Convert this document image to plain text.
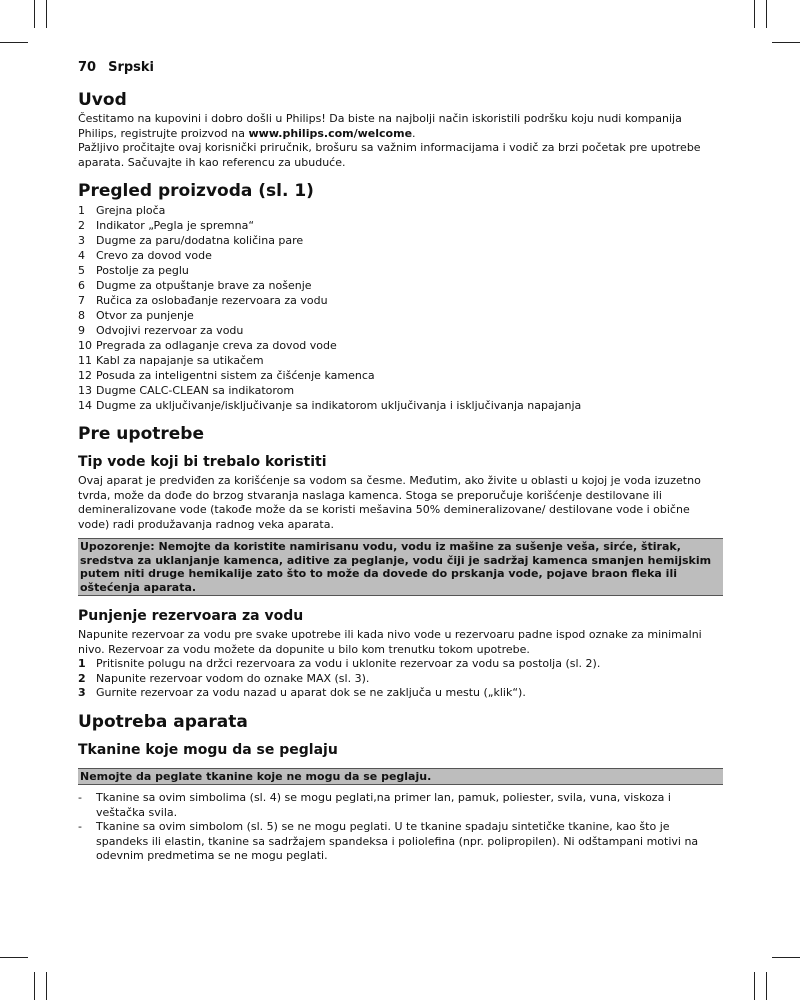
70 Srpski
Uvod

Čestitamo na kupovini i dobro došli u Philips! Da biste na najbolji način iskoristili podršku koju nudi kompanija Philips, registrujte proizvod na www.philips.com/welcome.

Pažljivo pročitajte ovaj korisnički priručnik, brošuru sa važnim informacijama i vodič za brzi početak pre upotrebe aparata. Sačuvajte ih kao referencu za ubuduće.

Pregled proizvoda (sl. 1)
1	Grejna ploča
2	Indikator „Pegla je spremna“
3	Dugme za paru/dodatna količina pare
4	Crevo za dovod vode
5	Postolje za peglu
6	Dugme za otpuštanje brave za nošenje
7	Ručica za oslobađanje rezervoara za vodu
8	Otvor za punjenje
9	Odvojivi rezervoar za vodu
10 Pregrada za odlaganje creva za dovod vode
11 Kabl za napajanje sa utikačem
12 Posuda za inteligentni sistem za čišćenje kamenca
13 Dugme CALC-CLEAN sa indikatorom
14 Dugme za uključivanje/isključivanje sa indikatorom uključivanja i isključivanja napajanja
Pre upotrebe
Tip vode koji bi trebalo koristiti

Ovaj aparat je predviđen za korišćenje sa vodom sa česme. Međutim, ako živite u oblasti u kojoj je voda izuzetno tvrda, može da dođe do brzog stvaranja naslaga kamenca. Stoga se preporučuje korišćenje destilovane ili demineralizovane vode (takođe može da se koristi mešavina 50% demineralizovane/ destilovane vode i obične vode) radi produžavanja radnog veka aparata.

Upozorenje: Nemojte da koristite namirisanu vodu, vodu iz mašine za sušenje veša, sirće, štirak, sredstva za uklanjanje kamenca, aditive za peglanje, vodu čiji je sadržaj kamenca smanjen hemijskim putem niti druge hemikalije zato što to može da dovede do prskanja vode, pojave braon fleka ili oštećenja aparata.
Punjenje rezervoara za vodu

Napunite rezervoar za vodu pre svake upotrebe ili kada nivo vode u rezervoaru padne ispod oznake za minimalni nivo. Rezervoar za vodu možete da dopunite u bilo kom trenutku tokom upotrebe.

1 Pritisnite polugu na držci rezervoara za vodu i uklonite rezervoar za vodu sa postolja (sl. 2).
2 Napunite rezervoar vodom do oznake MAX (sl. 3).
3 Gurnite rezervoar za vodu nazad u aparat dok se ne zaključa u mestu („klik“).
Upotreba aparata
Tkanine koje mogu da se peglaju
Nemojte da peglate tkanine koje ne mogu da se peglaju.
-	Tkanine sa ovim simbolima (sl. 4) se mogu peglati,na primer lan, pamuk, poliester, svila, vuna, viskoza i veštačka svila.
-	Tkanine sa ovim simbolom (sl. 5) se ne mogu peglati. U te tkanine spadaju sintetičke tkanine, kao što je spandeks ili elastin, tkanine sa sadržajem spandeksa i poliolefina (npr. polipropilen). Ni odštampani motivi na odevnim predmetima se ne mogu peglati.
